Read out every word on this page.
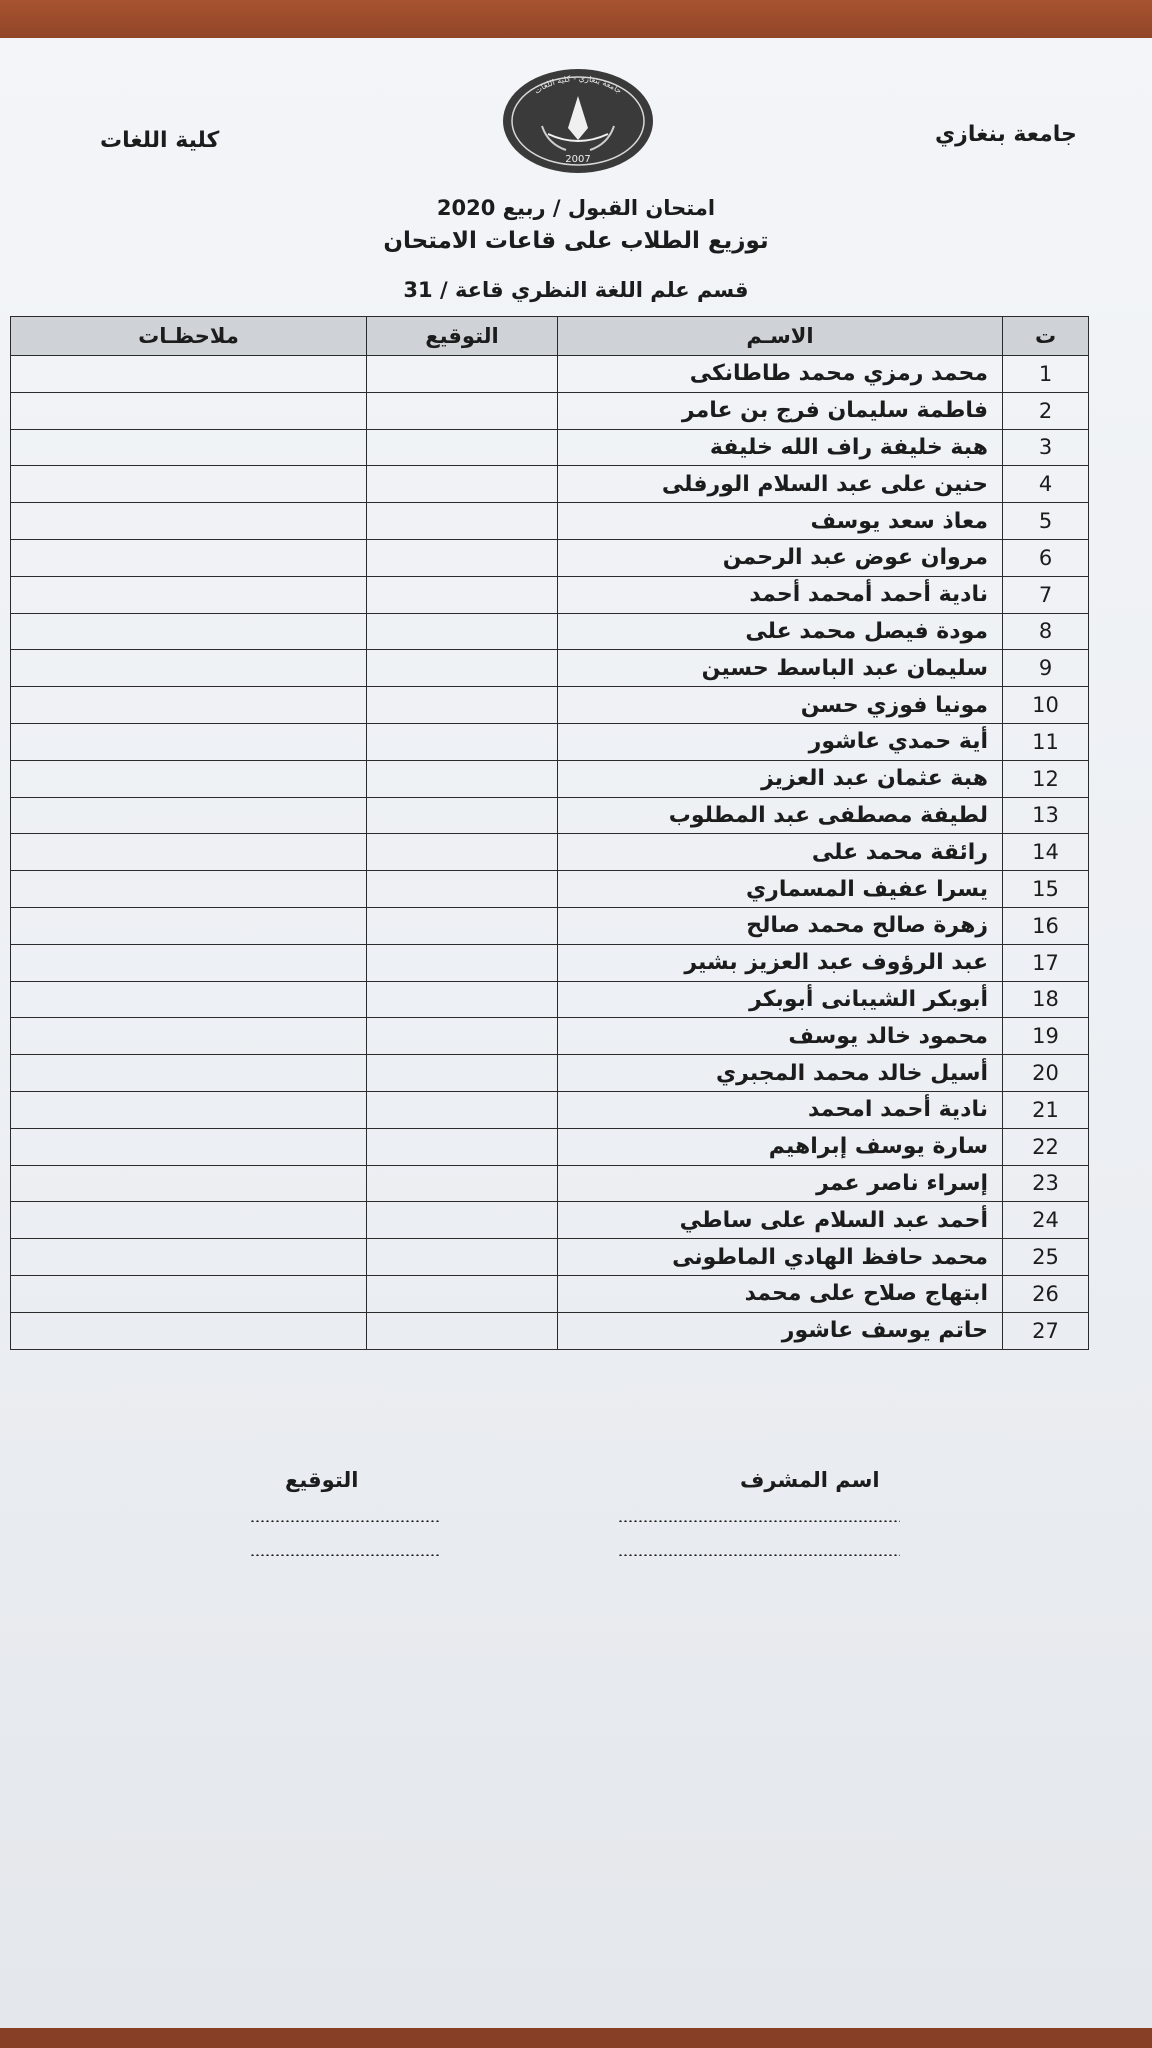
جامعة بنغازي
كلية اللغات
جامعة بنغازي - كلية اللغات
2007
امتحان القبول / ربيع 2020
توزيع الطلاب على قاعات الامتحان
قسم علم اللغة النظري قاعة / 31
ت	الاسـم	التوقيع	ملاحظـات
1	محمد رمزي محمد طاطانكى		
2	فاطمة سليمان فرج بن عامر		
3	هبة خليفة راف الله خليفة		
4	حنين على عبد السلام الورفلى		
5	معاذ سعد يوسف		
6	مروان عوض عبد الرحمن		
7	نادية أحمد أمحمد أحمد		
8	مودة فيصل محمد على		
9	سليمان عبد الباسط حسين		
10	مونيا فوزي حسن		
11	أية حمدي عاشور		
12	هبة عثمان عبد العزيز		
13	لطيفة مصطفى عبد المطلوب		
14	رائقة محمد على		
15	يسرا عفيف المسماري		
16	زهرة صالح محمد صالح		
17	عبد الرؤوف عبد العزيز بشير		
18	أبوبكر الشيبانى أبوبكر		
19	محمود خالد يوسف		
20	أسيل خالد محمد المجبري		
21	نادية أحمد امحمد		
22	سارة يوسف إبراهيم		
23	إسراء ناصر عمر		
24	أحمد عبد السلام على ساطي		
25	محمد حافظ الهادي الماطونى		
26	ابتهاج صلاح على محمد		
27	حاتم يوسف عاشور		
اسم المشرف
التوقيع
